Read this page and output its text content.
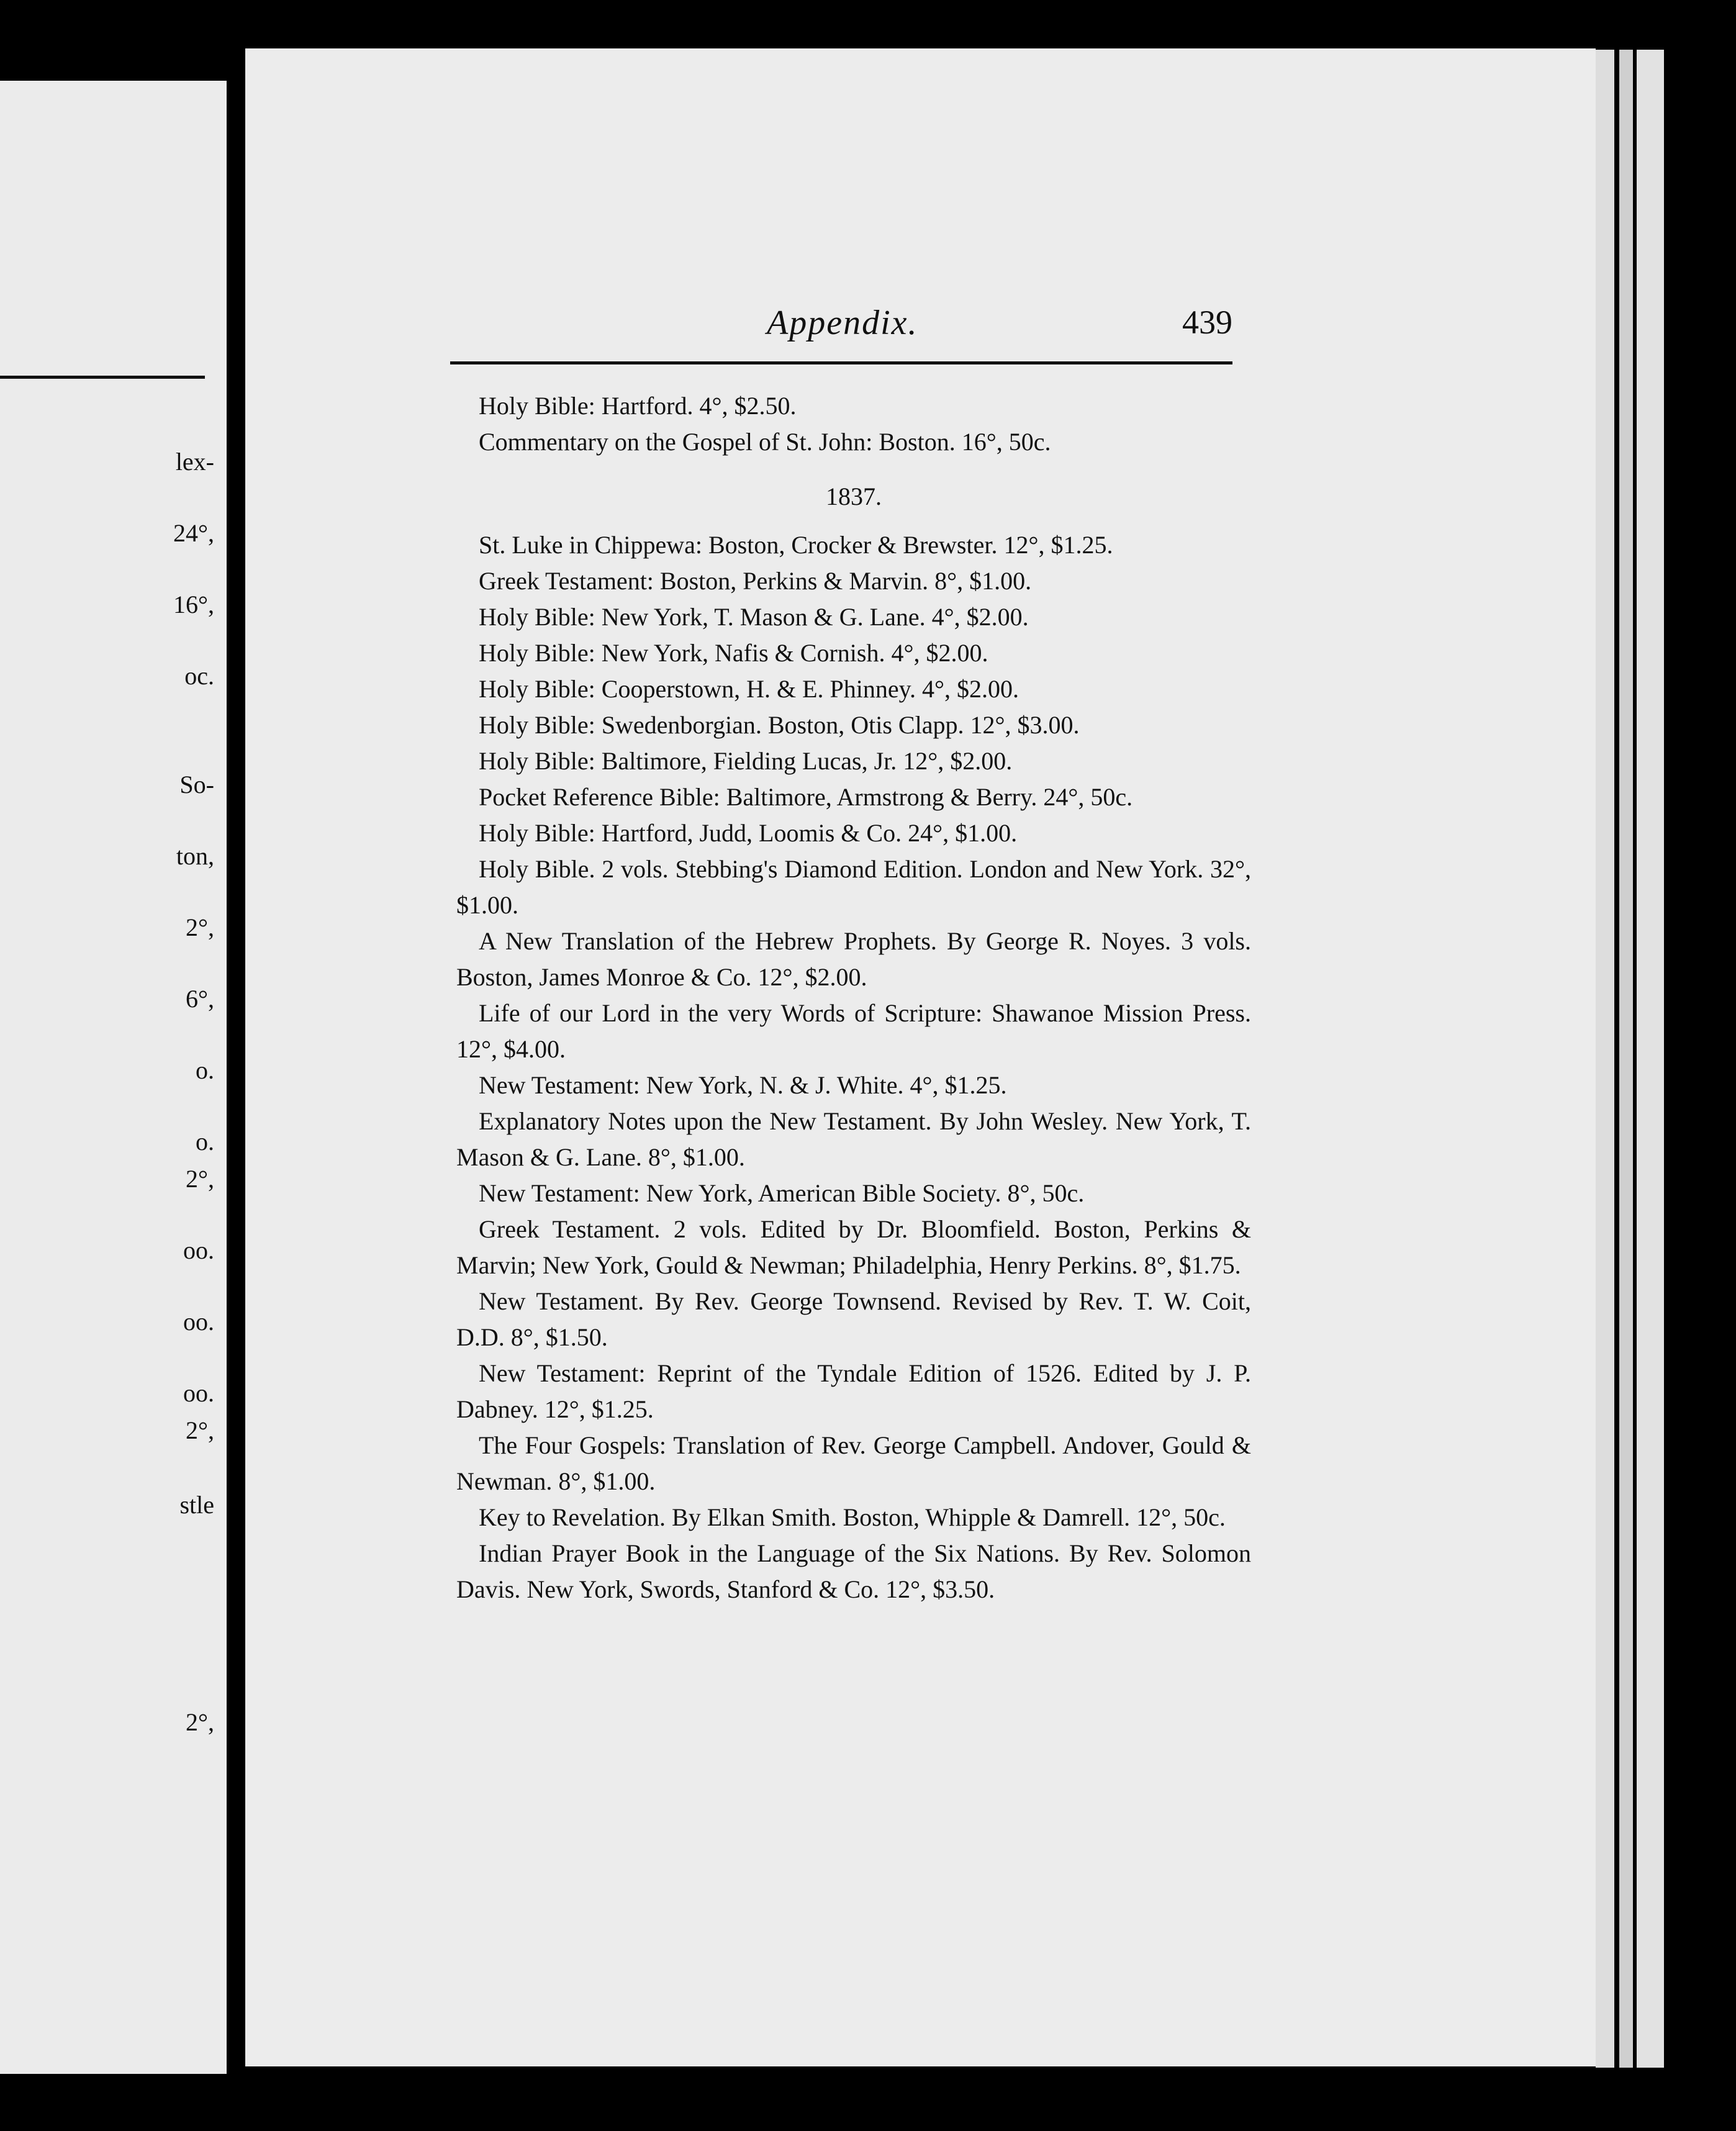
lex-
24°,
16°,
oc.
So-
ton,
2°,
6°,
o.
o.
2°,
oo.
oo.
oo.
2°,
stle
2°,
Appendix.	439

Holy Bible: Hartford. 4°, $2.50.

Commentary on the Gospel of St. John: Boston. 16°, 50c.

1837.

St. Luke in Chippewa: Boston, Crocker & Brewster. 12°, $1.25.

Greek Testament: Boston, Perkins & Marvin. 8°, $1.00.

Holy Bible: New York, T. Mason & G. Lane. 4°, $2.00.

Holy Bible: New York, Nafis & Cornish. 4°, $2.00.

Holy Bible: Cooperstown, H. & E. Phinney. 4°, $2.00.

Holy Bible: Swedenborgian. Boston, Otis Clapp. 12°, $3.00.

Holy Bible: Baltimore, Fielding Lucas, Jr. 12°, $2.00.

Pocket Reference Bible: Baltimore, Armstrong & Berry. 24°, 50c.

Holy Bible: Hartford, Judd, Loomis & Co. 24°, $1.00.

Holy Bible. 2 vols. Stebbing's Diamond Edition. London and New York. 32°, $1.00.

A New Translation of the Hebrew Prophets. By George R. Noyes. 3 vols. Boston, James Monroe & Co. 12°, $2.00.

Life of our Lord in the very Words of Scripture: Shawanoe Mission Press. 12°, $4.00.

New Testament: New York, N. & J. White. 4°, $1.25.

Explanatory Notes upon the New Testament. By John Wesley. New York, T. Mason & G. Lane. 8°, $1.00.

New Testament: New York, American Bible Society. 8°, 50c.

Greek Testament. 2 vols. Edited by Dr. Bloomfield. Boston, Perkins & Marvin; New York, Gould & Newman; Philadelphia, Henry Perkins. 8°, $1.75.

New Testament. By Rev. George Townsend. Revised by Rev. T. W. Coit, D.D. 8°, $1.50.

New Testament: Reprint of the Tyndale Edition of 1526. Edited by J. P. Dabney. 12°, $1.25.

The Four Gospels: Translation of Rev. George Campbell. Andover, Gould & Newman. 8°, $1.00.

Key to Revelation. By Elkan Smith. Boston, Whipple & Damrell. 12°, 50c.

Indian Prayer Book in the Language of the Six Nations. By Rev. Solomon Davis. New York, Swords, Stanford & Co. 12°, $3.50.
